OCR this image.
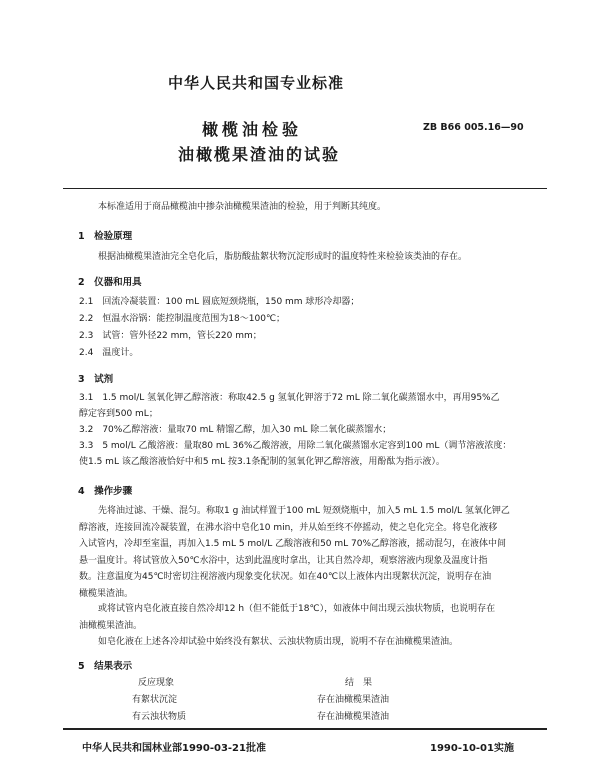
中华人民共和国专业标准
橄榄油检验
油橄榄果渣油的试验
ZB B66 005.16—90
本标准适用于商品橄榄油中掺杂油橄榄果渣油的检验，用于判断其纯度。
1　检验原理
根据油橄榄果渣油完全皂化后，脂肪酸盐絮状物沉淀形成时的温度特性来检验该类油的存在。
2　仪器和用具
2.1　回流冷凝装置：100 mL 圆底短颈烧瓶，150 mm 球形冷却器；
2.2　恒温水浴锅：能控制温度范围为18～100℃；
2.3　试管：管外径22 mm，管长220 mm；
2.4　温度计。
3　试剂
3.1　1.5 mol/L 氢氧化钾乙醇溶液：称取42.5 g 氢氧化钾溶于72 mL 除二氧化碳蒸馏水中，再用95%乙
醇定容到500 mL；
3.2　70%乙醇溶液：量取70 mL 精馏乙醇，加入30 mL 除二氧化碳蒸馏水；
3.3　5 mol/L 乙酸溶液：量取80 mL 36%乙酸溶液，用除二氧化碳蒸馏水定容到100 mL（调节溶液浓度：
使1.5 mL 该乙酸溶液恰好中和5 mL 按3.1条配制的氢氧化钾乙醇溶液，用酚酞为指示液）。
4　操作步骤
先将油过滤、干燥、混匀。称取1 g 油试样置于100 mL 短颈烧瓶中，加入5 mL 1.5 mol/L 氢氧化钾乙
醇溶液，连接回流冷凝装置，在沸水浴中皂化10 min，并从始至终不停摇动，使之皂化完全。将皂化液移
入试管内，冷却至室温，再加入1.5 mL 5 mol/L 乙酸溶液和50 mL 70%乙醇溶液，摇动混匀，在液体中间
悬一温度计。将试管放入50℃水浴中，达到此温度时拿出，让其自然冷却，观察溶液内现象及温度计指
数。注意温度为45℃时密切注视溶液内现象变化状况。如在40℃以上液体内出现絮状沉淀，说明存在油
橄榄果渣油。
或将试管内皂化液直接自然冷却12 h（但不能低于18℃），如液体中间出现云浊状物质，也说明存在
油橄榄果渣油。
如皂化液在上述各冷却试验中始终没有絮状、云浊状物质出现，说明不存在油橄榄果渣油。
5　结果表示
反应现象	结　果
有絮状沉淀	存在油橄榄果渣油
有云浊状物质	存在油橄榄果渣油
中华人民共和国林业部1990-03-21批准	1990-10-01实施
